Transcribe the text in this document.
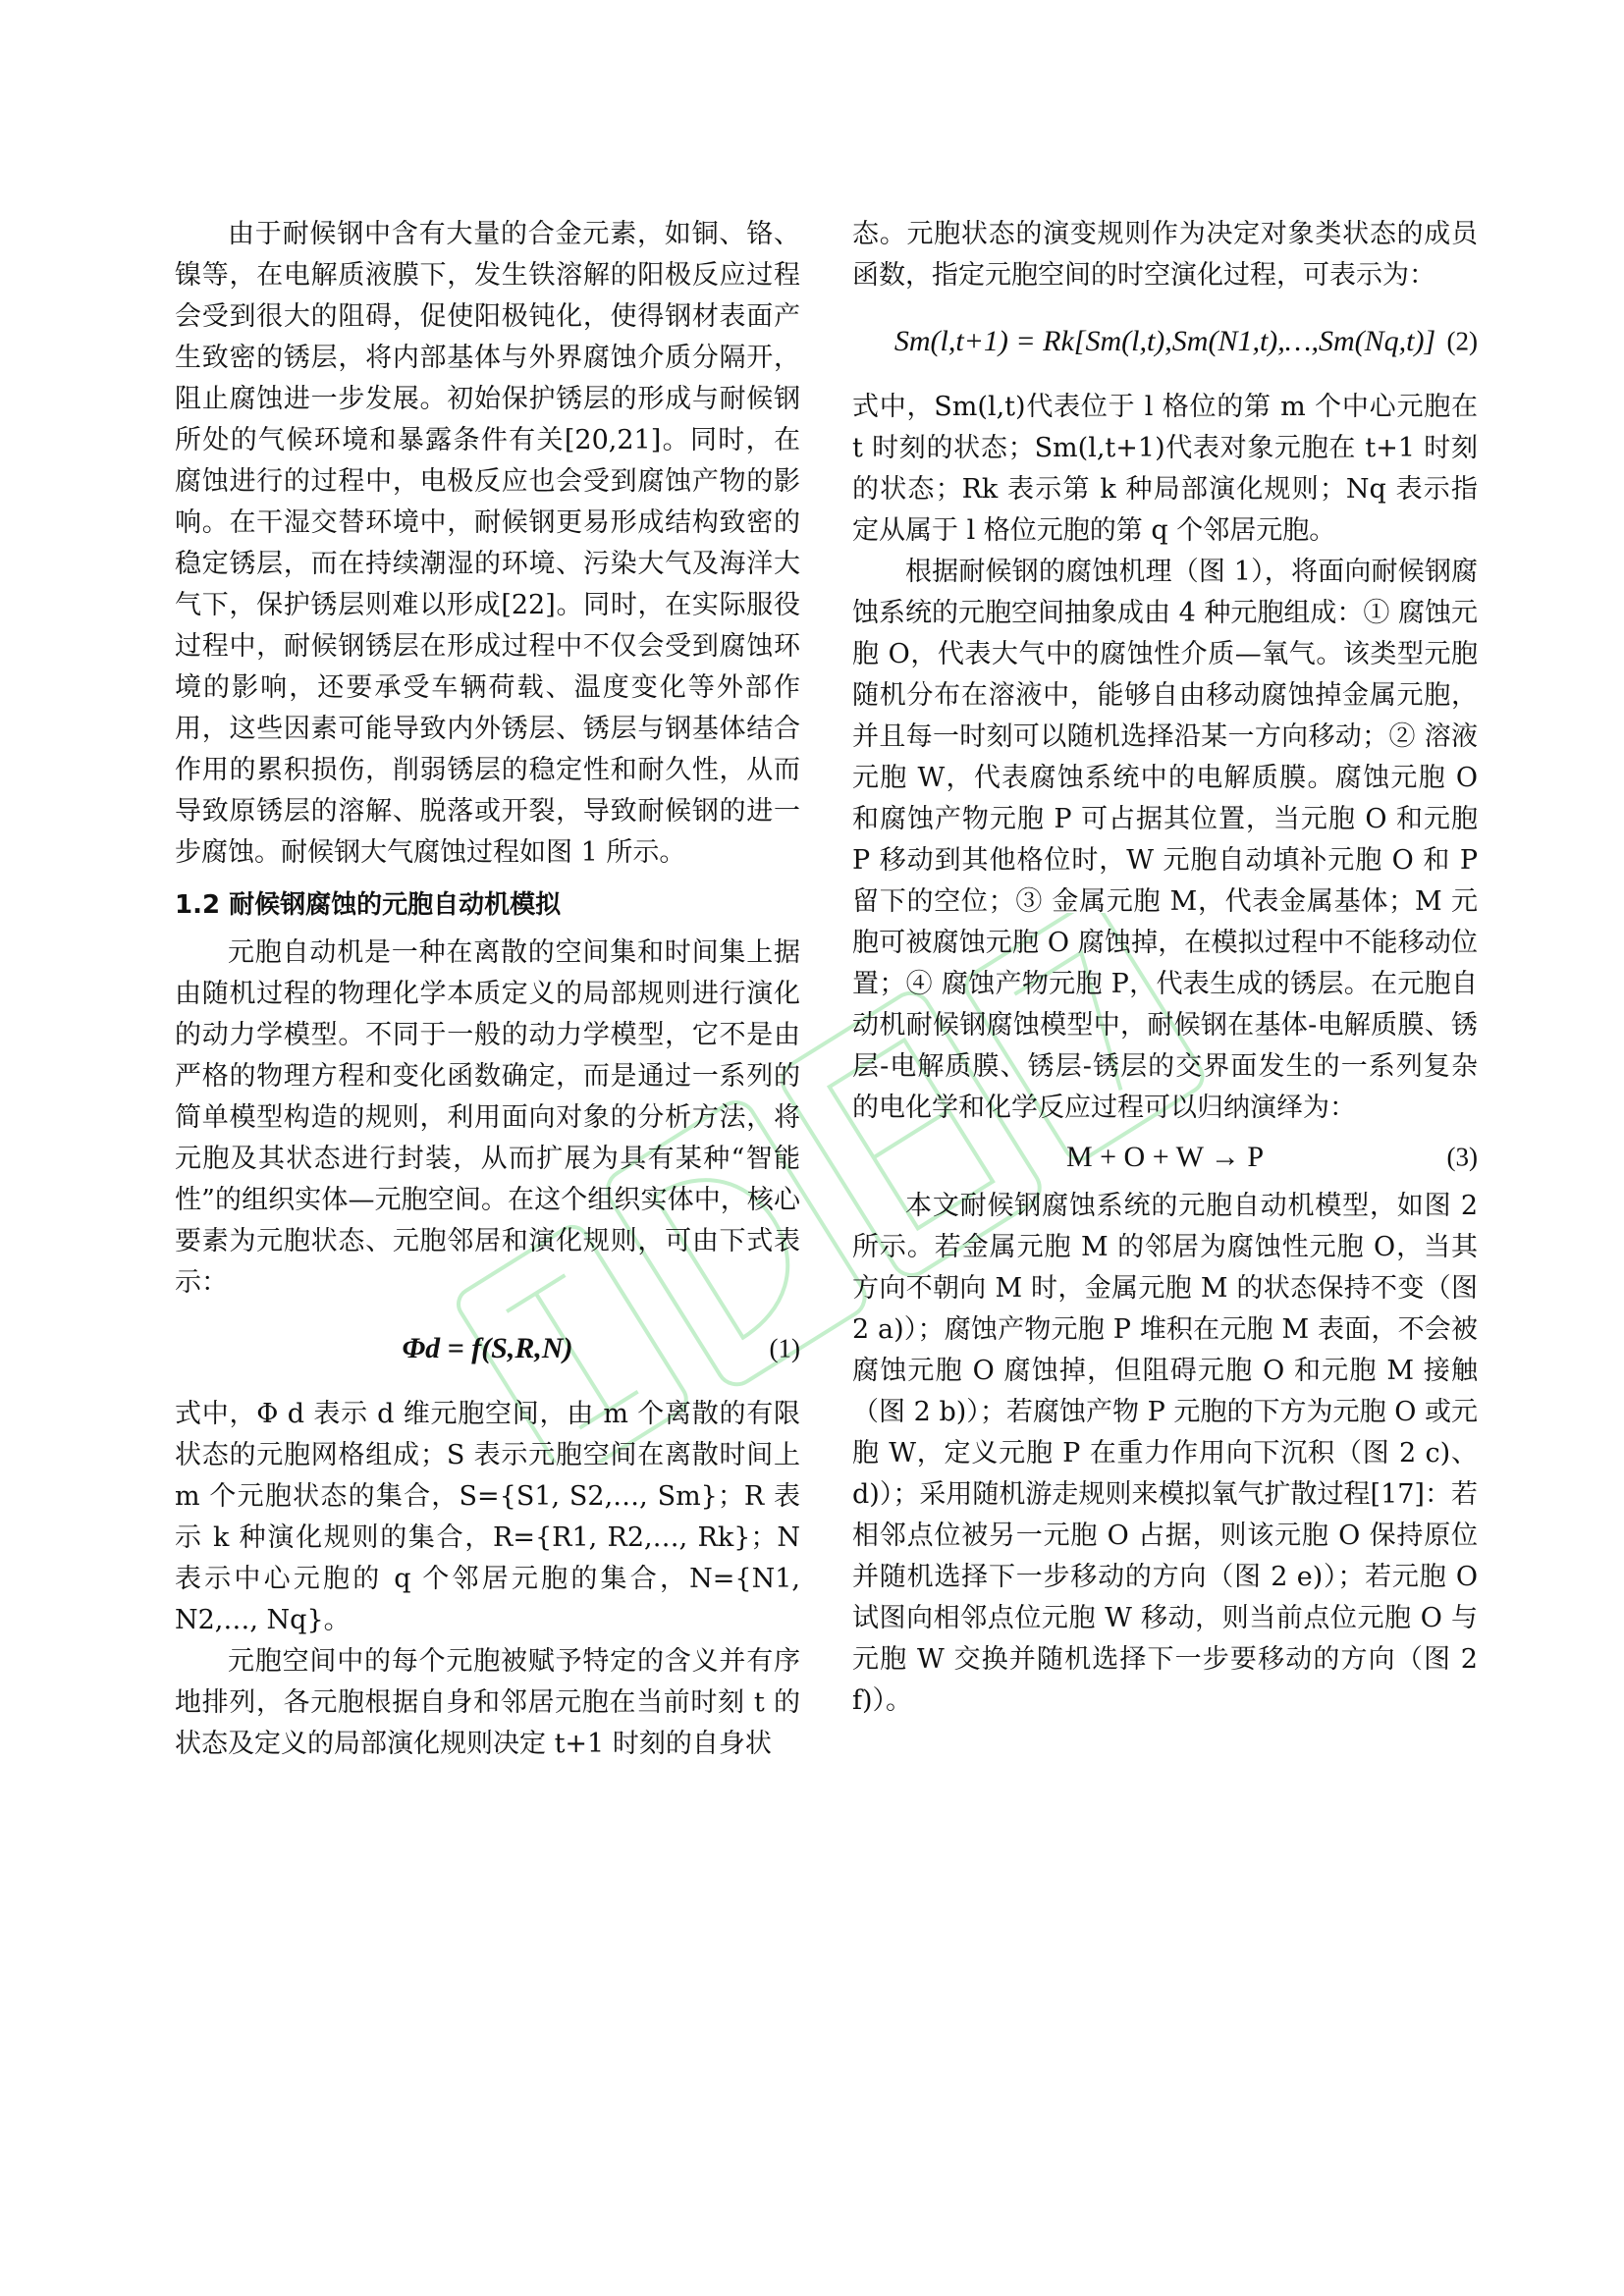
由于耐候钢中含有大量的合金元素，如铜、铬、镍等，在电解质液膜下，发生铁溶解的阳极反应过程会受到很大的阻碍，促使阳极钝化，使得钢材表面产生致密的锈层，将内部基体与外界腐蚀介质分隔开，阻止腐蚀进一步发展。初始保护锈层的形成与耐候钢所处的气候环境和暴露条件有关[20,21]。同时，在腐蚀进行的过程中，电极反应也会受到腐蚀产物的影响。在干湿交替环境中，耐候钢更易形成结构致密的稳定锈层，而在持续潮湿的环境、污染大气及海洋大气下，保护锈层则难以形成[22]。同时，在实际服役过程中，耐候钢锈层在形成过程中不仅会受到腐蚀环境的影响，还要承受车辆荷载、温度变化等外部作用，这些因素可能导致内外锈层、锈层与钢基体结合作用的累积损伤，削弱锈层的稳定性和耐久性，从而导致原锈层的溶解、脱落或开裂，导致耐候钢的进一步腐蚀。耐候钢大气腐蚀过程如图 1 所示。

1.2 耐候钢腐蚀的元胞自动机模拟

元胞自动机是一种在离散的空间集和时间集上据由随机过程的物理化学本质定义的局部规则进行演化的动力学模型。不同于一般的动力学模型，它不是由严格的物理方程和变化函数确定，而是通过一系列的简单模型构造的规则，利用面向对象的分析方法，将元胞及其状态进行封装，从而扩展为具有某种“智能性”的组织实体—元胞空间。在这个组织实体中，核心要素为元胞状态、元胞邻居和演化规则，可由下式表示：

Φd = f(S,R,N)	(1)

式中，Φ d 表示 d 维元胞空间，由 m 个离散的有限状态的元胞网格组成；S 表示元胞空间在离散时间上 m 个元胞状态的集合，S={S1, S2,…, Sm}；R 表示 k 种演化规则的集合，R={R1, R2,…, Rk}；N 表示中心元胞的 q 个邻居元胞的集合，N={N1, N2,…, Nq}。

元胞空间中的每个元胞被赋予特定的含义并有序地排列，各元胞根据自身和邻居元胞在当前时刻 t 的状态及定义的局部演化规则决定 t+1 时刻的自身状

态。元胞状态的演变规则作为决定对象类状态的成员函数，指定元胞空间的时空演化过程，可表示为：

Sm(l,t+1) = Rk[Sm(l,t),Sm(N1,t),…,Sm(Nq,t)] (2)

式中，Sm(l,t)代表位于 l 格位的第 m 个中心元胞在 t 时刻的状态；Sm(l,t+1)代表对象元胞在 t+1 时刻的状态；Rk 表示第 k 种局部演化规则；Nq 表示指定从属于 l 格位元胞的第 q 个邻居元胞。

根据耐候钢的腐蚀机理（图 1），将面向耐候钢腐蚀系统的元胞空间抽象成由 4 种元胞组成：① 腐蚀元胞 O，代表大气中的腐蚀性介质—氧气。该类型元胞随机分布在溶液中，能够自由移动腐蚀掉金属元胞，并且每一时刻可以随机选择沿某一方向移动；② 溶液元胞 W，代表腐蚀系统中的电解质膜。腐蚀元胞 O 和腐蚀产物元胞 P 可占据其位置，当元胞 O 和元胞 P 移动到其他格位时，W 元胞自动填补元胞 O 和 P 留下的空位；③ 金属元胞 M，代表金属基体；M 元胞可被腐蚀元胞 O 腐蚀掉，在模拟过程中不能移动位置；④ 腐蚀产物元胞 P，代表生成的锈层。在元胞自动机耐候钢腐蚀模型中，耐候钢在基体-电解质膜、锈层-电解质膜、锈层-锈层的交界面发生的一系列复杂的电化学和化学反应过程可以归纳演绎为：

M + O + W → P	(3)

本文耐候钢腐蚀系统的元胞自动机模型，如图 2 所示。若金属元胞 M 的邻居为腐蚀性元胞 O，当其方向不朝向 M 时，金属元胞 M 的状态保持不变（图 2 a)）；腐蚀产物元胞 P 堆积在元胞 M 表面，不会被腐蚀元胞 O 腐蚀掉，但阻碍元胞 O 和元胞 M 接触（图 2 b)）；若腐蚀产物 P 元胞的下方为元胞 O 或元胞 W，定义元胞 P 在重力作用向下沉积（图 2 c)、d)）；采用随机游走规则来模拟氧气扩散过程[17]：若相邻点位被另一元胞 O 占据，则该元胞 O 保持原位并随机选择下一步移动的方向（图 2 e)）；若元胞 O 试图向相邻点位元胞 W 移动，则当前点位元胞 O 与元胞 W 交换并随机选择下一步要移动的方向（图 2 f)）。
